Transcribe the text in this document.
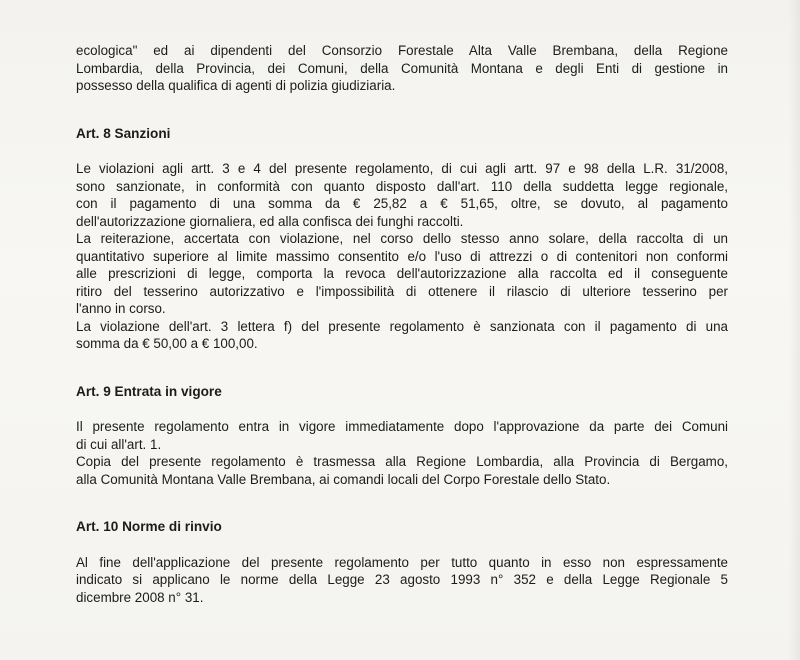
ecologica" ed ai dipendenti del Consorzio Forestale Alta Valle Brembana, della Regione
Lombardia, della Provincia, dei Comuni, della Comunità Montana e degli Enti di gestione in
possesso della qualifica di agenti di polizia giudiziaria.
Art. 8 Sanzioni
Le violazioni agli artt. 3 e 4 del presente regolamento, di cui agli artt. 97 e 98 della L.R. 31/2008,
sono sanzionate, in conformità con quanto disposto dall'art. 110 della suddetta legge regionale,
con il pagamento di una somma da € 25,82 a € 51,65, oltre, se dovuto, al pagamento
dell'autorizzazione giornaliera, ed alla confisca dei funghi raccolti.
La reiterazione, accertata con violazione, nel corso dello stesso anno solare, della raccolta di un
quantitativo superiore al limite massimo consentito e/o l'uso di attrezzi o di contenitori non conformi
alle prescrizioni di legge, comporta la revoca dell'autorizzazione alla raccolta ed il conseguente
ritiro del tesserino autorizzativo e l'impossibilità di ottenere il rilascio di ulteriore tesserino per
l'anno in corso.
La violazione dell'art. 3 lettera f) del presente regolamento è sanzionata con il pagamento di una
somma da € 50,00 a € 100,00.
Art. 9 Entrata in vigore
Il presente regolamento entra in vigore immediatamente dopo l'approvazione da parte dei Comuni
di cui all'art. 1.
Copia del presente regolamento è trasmessa alla Regione Lombardia, alla Provincia di Bergamo,
alla Comunità Montana Valle Brembana, ai comandi locali del Corpo Forestale dello Stato.
Art. 10 Norme di rinvio
Al fine dell'applicazione del presente regolamento per tutto quanto in esso non espressamente
indicato si applicano le norme della Legge 23 agosto 1993 n° 352 e della Legge Regionale 5
dicembre 2008 n° 31.
